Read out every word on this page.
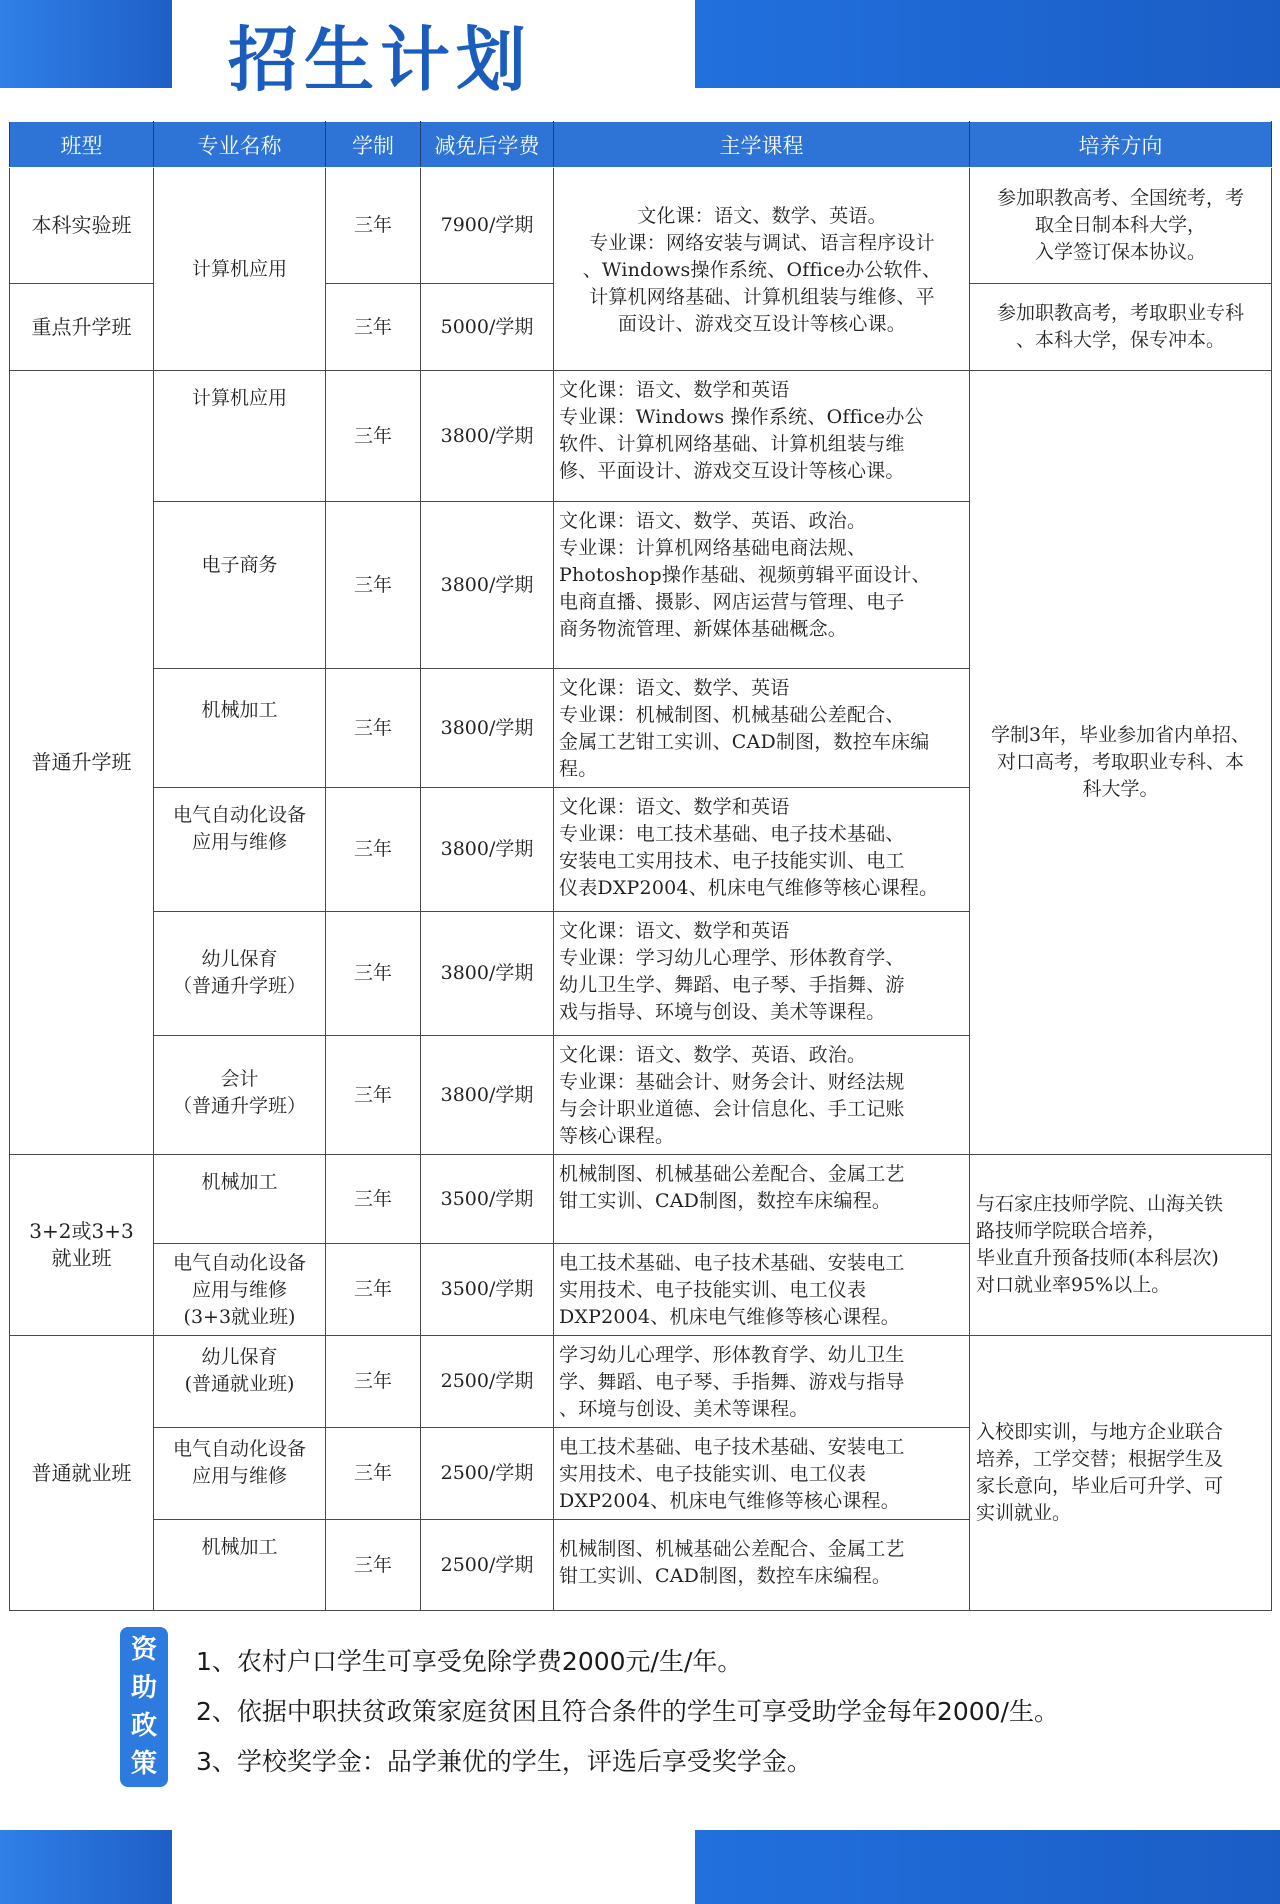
招生计划
班型	专业名称	学制	减免后学费	主学课程	培养方向
本科实验班	计算机应用	三年	7900/学期	文化课：语文、数学、英语。
专业课：网络安装与调试、语言程序设计
、Windows操作系统、Office办公软件、
计算机网络基础、计算机组装与维修、平
面设计、游戏交互设计等核心课。	参加职教高考、全国统考，考
取全日制本科大学，
入学签订保本协议。

重点升学班		三年	5000/学期		参加职教高考，考取职业专科
、本科大学，保专冲本。

普通升学班	计算机应用	三年	3800/学期	文化课：语文、数学和英语
专业课：Windows 操作系统、Office办公
软件、计算机网络基础、计算机组装与维
修、平面设计、游戏交互设计等核心课。	学制3年，毕业参加省内单招、
对口高考，考取职业专科、本
科大学。

	电子商务	三年	3800/学期	文化课：语文、数学、英语、政治。
专业课：计算机网络基础电商法规、
Photoshop操作基础、视频剪辑平面设计、
电商直播、摄影、网店运营与管理、电子
商务物流管理、新媒体基础概念。	

	机械加工	三年	3800/学期	文化课：语文、数学、英语
专业课：机械制图、机械基础公差配合、
金属工艺钳工实训、CAD制图，数控车床编
程。	

	电气自动化设备
应用与维修	三年	3800/学期	文化课：语文、数学和英语
专业课：电工技术基础、电子技术基础、
安装电工实用技术、电子技能实训、电工
仪表DXP2004、机床电气维修等核心课程。	

	幼儿保育
（普通升学班）	三年	3800/学期	文化课：语文、数学和英语
专业课：学习幼儿心理学、形体教育学、
幼儿卫生学、舞蹈、电子琴、手指舞、游
戏与指导、环境与创设、美术等课程。	

	会计
（普通升学班）	三年	3800/学期	文化课：语文、数学、英语、政治。
专业课：基础会计、财务会计、财经法规
与会计职业道德、会计信息化、手工记账
等核心课程。	

3+2或3+3
就业班	机械加工	三年	3500/学期	机械制图、机械基础公差配合、金属工艺
钳工实训、CAD制图，数控车床编程。	与石家庄技师学院、山海关铁
路技师学院联合培养，
毕业直升预备技师(本科层次)
对口就业率95%以上。

	电气自动化设备
应用与维修
(3+3就业班)	三年	3500/学期	电工技术基础、电子技术基础、安装电工
实用技术、电子技能实训、电工仪表
DXP2004、机床电气维修等核心课程。	

普通就业班	幼儿保育
(普通就业班)	三年	2500/学期	学习幼儿心理学、形体教育学、幼儿卫生
学、舞蹈、电子琴、手指舞、游戏与指导
、环境与创设、美术等课程。	入校即实训，与地方企业联合
培养，工学交替；根据学生及
家长意向，毕业后可升学、可
实训就业。

	电气自动化设备
应用与维修	三年	2500/学期	电工技术基础、电子技术基础、安装电工
实用技术、电子技能实训、电工仪表
DXP2004、机床电气维修等核心课程。	

	机械加工	三年	2500/学期	机械制图、机械基础公差配合、金属工艺
钳工实训、CAD制图，数控车床编程。	
资
助
政
策
1、农村户口学生可享受免除学费2000元/生/年。
2、依据中职扶贫政策家庭贫困且符合条件的学生可享受助学金每年2000/生。
3、学校奖学金：品学兼优的学生，评选后享受奖学金。
